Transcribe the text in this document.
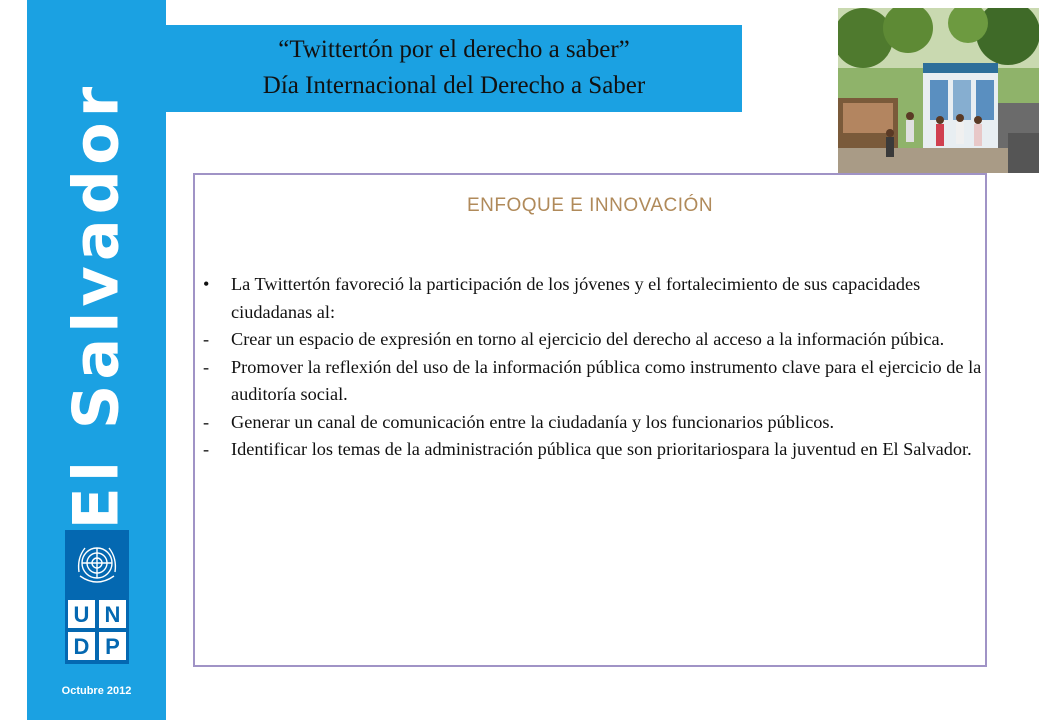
El Salvador
U N
D P
Octubre 2012
“Twittertón por el derecho a saber”
Día Internacional del Derecho a Saber
ENFOQUE E INNOVACIÓN
•	La Twittertón favoreció la participación de los jóvenes y el fortalecimiento de sus capacidades ciudadanas al:
-	Crear un espacio de expresión en torno al ejercicio del derecho al acceso a la información púbica.
-	Promover la reflexión del uso de la información pública como instrumento clave para el ejercicio de la auditoría social.
-	Generar un canal de comunicación entre la ciudadanía y los funcionarios públicos.
-	Identificar los temas de la administración pública que son prioritariospara la juventud en El Salvador.
